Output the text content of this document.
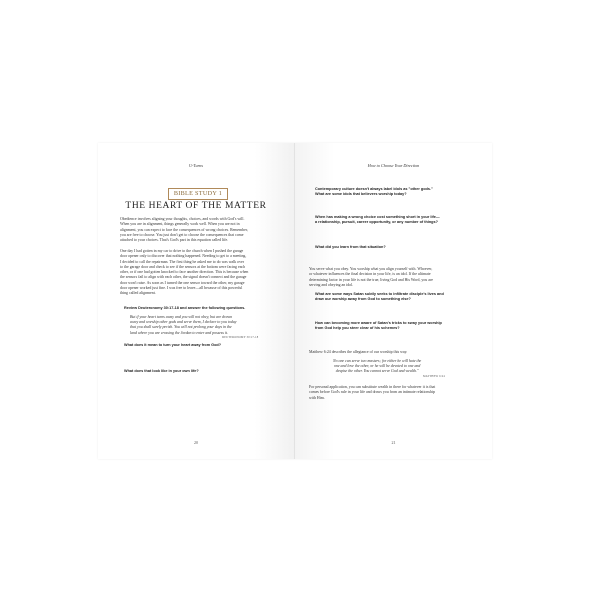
U-Turns
BIBLE STUDY 1
THE HEART OF THE MATTER
Obedience involves aligning your thoughts, choices, and words with God's will.
When you are in alignment, things generally work well. When you are not in
alignment, you can expect to face the consequences of wrong choices. Remember,
you are free to choose. You just don't get to choose the consequences that come
attached to your choices. That's God's part in this equation called life.
One day I had gotten in my car to drive to the church when I pushed the garage
door opener only to discover that nothing happened. Needing to get to a meeting,
I decided to call the repairman. The first thing he asked me to do was walk over
to the garage door and check to see if the sensors at the bottom were facing each
other, or if one had gotten knocked to face another direction. This is because when
the sensors fail to align with each other, the signal doesn't connect and the garage
door won't raise. As soon as I turned the one sensor toward the other, my garage
door opener worked just fine. I was free to leave—all because of this powerful
thing called alignment.
Review Deuteronomy 30:17-18 and answer the following questions.
But if your heart turns away and you will not obey, but are drawn
away and worship other gods and serve them, I declare to you today
that you shall surely perish. You will not prolong your days in the
land where you are crossing the Jordan to enter and possess it.
DEUTERONOMY 30:17-18
What does it mean to turn your heart away from God?
What does that look like in your own life?
20
How to Choose Your Direction
Contemporary culture doesn't always label idols as "other gods."
What are some idols that believers worship today?
When has making a wrong choice cost something short in your life—
a relationship, pursuit, career opportunity, or any number of things?
What did you learn from that situation?
You serve what you obey. You worship what you align yourself with. Whoever,
or whatever influences the final decision in your life, is an idol. If the ultimate
determining factor in your life is not the true, living God and His Word, you are
serving and obeying an idol.
What are some ways Satan subtly seeks to infiltrate disciple's lives and
draw our worship away from God to something else?
How can becoming more aware of Satan's tricks to sway your worship
from God help you steer clear of his schemes?
Matthew 6:24 describes the allegiance of our worship this way.
No one can serve two masters; for either he will hate the
one and love the other, or he will be devoted to one and
despise the other. You cannot serve God and wealth."
MATTHEW 6:24
For personal application, you can substitute wealth in there for whatever it is that
comes before God's rule in your life and draws you from an intimate relationship
with Him.
21
